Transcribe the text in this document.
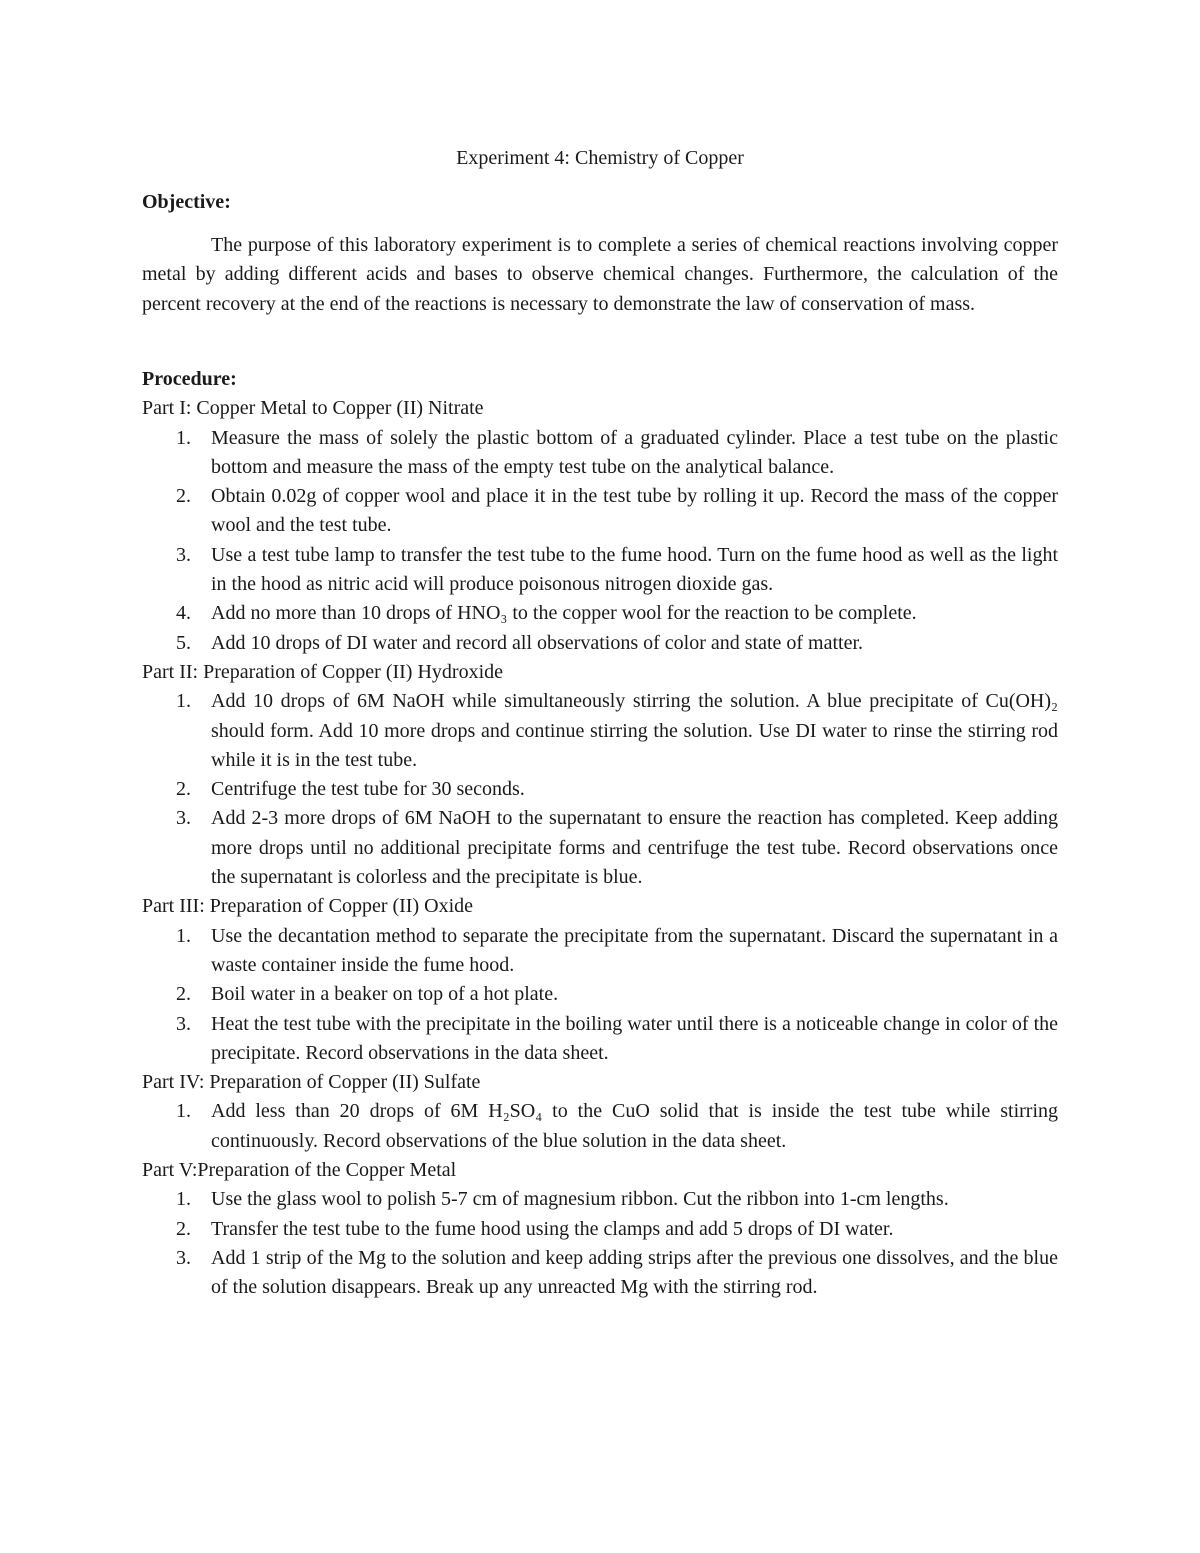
Experiment 4: Chemistry of Copper
Objective:

The purpose of this laboratory experiment is to complete a series of chemical reactions involving copper metal by adding different acids and bases to observe chemical changes. Furthermore, the calculation of the percent recovery at the end of the reactions is necessary to demonstrate the law of conservation of mass.

Procedure:
Part I: Copper Metal to Copper (II) Nitrate
1. Measure the mass of solely the plastic bottom of a graduated cylinder. Place a test tube on the plastic bottom and measure the mass of the empty test tube on the analytical balance.
2. Obtain 0.02g of copper wool and place it in the test tube by rolling it up. Record the mass of the copper wool and the test tube.
3. Use a test tube lamp to transfer the test tube to the fume hood. Turn on the fume hood as well as the light in the hood as nitric acid will produce poisonous nitrogen dioxide gas.
4. Add no more than 10 drops of HNO₃ to the copper wool for the reaction to be complete.
5. Add 10 drops of DI water and record all observations of color and state of matter.
Part II: Preparation of Copper (II) Hydroxide
1. Add 10 drops of 6M NaOH while simultaneously stirring the solution. A blue precipitate of Cu(OH)₂ should form. Add 10 more drops and continue stirring the solution. Use DI water to rinse the stirring rod while it is in the test tube.
2. Centrifuge the test tube for 30 seconds.
3. Add 2-3 more drops of 6M NaOH to the supernatant to ensure the reaction has completed. Keep adding more drops until no additional precipitate forms and centrifuge the test tube. Record observations once the supernatant is colorless and the precipitate is blue.
Part III: Preparation of Copper (II) Oxide
1. Use the decantation method to separate the precipitate from the supernatant. Discard the supernatant in a waste container inside the fume hood.
2. Boil water in a beaker on top of a hot plate.
3. Heat the test tube with the precipitate in the boiling water until there is a noticeable change in color of the precipitate. Record observations in the data sheet.
Part IV: Preparation of Copper (II) Sulfate
1. Add less than 20 drops of 6M H₂SO₄ to the CuO solid that is inside the test tube while stirring continuously. Record observations of the blue solution in the data sheet.
Part V:Preparation of the Copper Metal
1. Use the glass wool to polish 5-7 cm of magnesium ribbon. Cut the ribbon into 1-cm lengths.
2. Transfer the test tube to the fume hood using the clamps and add 5 drops of DI water.
3. Add 1 strip of the Mg to the solution and keep adding strips after the previous one dissolves, and the blue of the solution disappears. Break up any unreacted Mg with the stirring rod.
